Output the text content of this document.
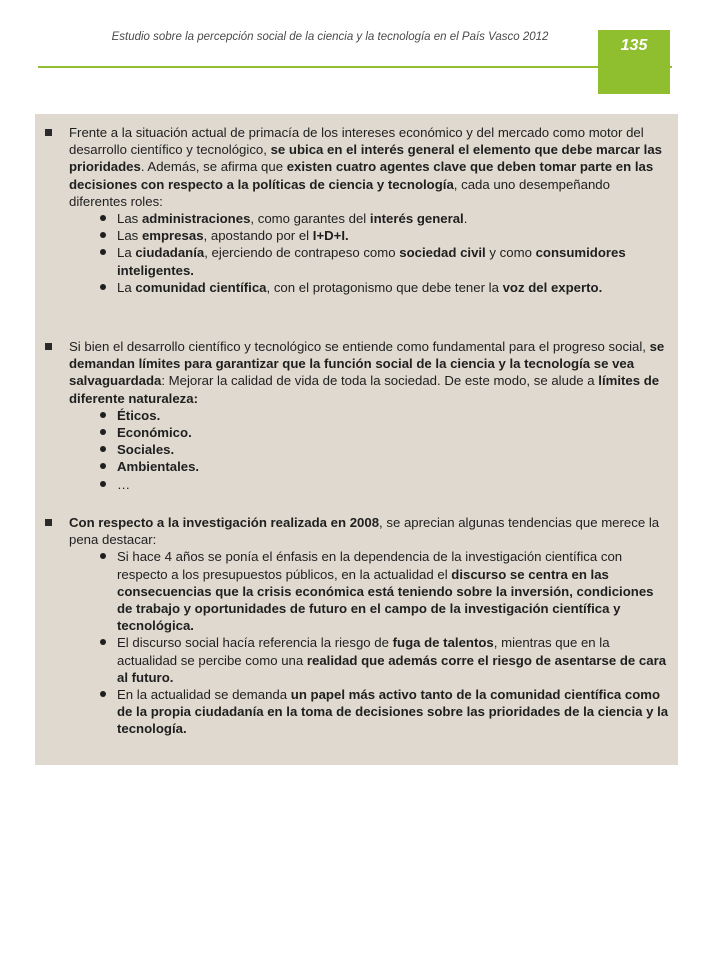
Estudio sobre la percepción social de la ciencia y la tecnología en el País Vasco 2012	135

Frente a la situación actual de primacía de los intereses económico y del mercado como motor del desarrollo científico y tecnológico, se ubica en el interés general el elemento que debe marcar las prioridades. Además, se afirma que existen cuatro agentes clave que deben tomar parte en las decisiones con respecto a la políticas de ciencia y tecnología, cada uno desempeñando diferentes roles:

Las administraciones, como garantes del interés general.
Las empresas, apostando por el I+D+I.
La ciudadanía, ejerciendo de contrapeso como sociedad civil y como consumidores inteligentes.
La comunidad científica, con el protagonismo que debe tener la voz del experto.

Si bien el desarrollo científico y tecnológico se entiende como fundamental para el progreso social, se demandan límites para garantizar que la función social de la ciencia y la tecnología se vea salvaguardada: Mejorar la calidad de vida de toda la sociedad. De este modo, se alude a límites de diferente naturaleza:

Éticos.
Económico.
Sociales.
Ambientales.
…

Con respecto a la investigación realizada en 2008, se aprecian algunas tendencias que merece la pena destacar:

Si hace 4 años se ponía el énfasis en la dependencia de la investigación científica con respecto a los presupuestos públicos, en la actualidad el discurso se centra en las consecuencias que la crisis económica está teniendo sobre la inversión, condiciones de trabajo y oportunidades de futuro en el campo de la investigación científica y tecnológica.
El discurso social hacía referencia la riesgo de fuga de talentos, mientras que en la actualidad se percibe como una realidad que además corre el riesgo de asentarse de cara al futuro.
En la actualidad se demanda un papel más activo tanto de la comunidad científica como de la propia ciudadanía en la toma de decisiones sobre las prioridades de la ciencia y la tecnología.
